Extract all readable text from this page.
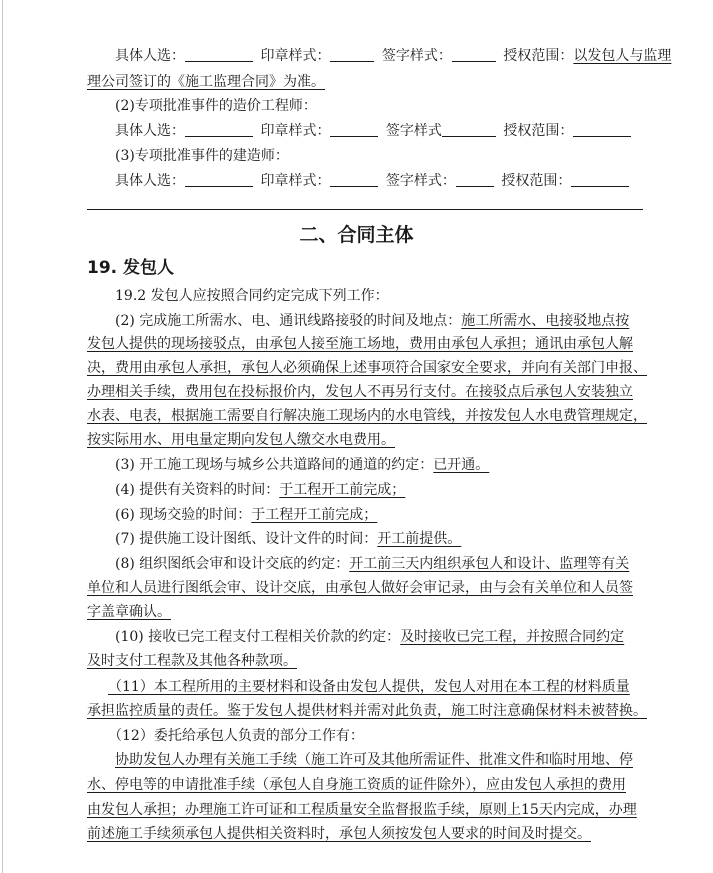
具体人选：	印章样式：	签字样式：	授权范围：以发包人与监理
理公司签订的《施工监理合同》为准。
(2)专项批准事件的造价工程师：
具体人选：	印章样式：	签字样式	授权范围：
(3)专项批准事件的建造师：
具体人选：	印章样式：	签字样式：	授权范围：
二、合同主体
19. 发包人
19.2 发包人应按照合同约定完成下列工作：
(2) 完成施工所需水、电、通讯线路接驳的时间及地点：施工所需水、电接驳地点按
发包人提供的现场接驳点，由承包人接至施工场地，费用由承包人承担；通讯由承包人解
决，费用由承包人承担，承包人必须确保上述事项符合国家安全要求，并向有关部门申报、
办理相关手续，费用包在投标报价内，发包人不再另行支付。在接驳点后承包人安装独立
水表、电表，根据施工需要自行解决施工现场内的水电管线，并按发包人水电费管理规定，
按实际用水、用电量定期向发包人缴交水电费用。
(3) 开工施工现场与城乡公共道路间的通道的约定：已开通。
(4) 提供有关资料的时间：于工程开工前完成；
(6) 现场交验的时间：于工程开工前完成；
(7) 提供施工设计图纸、设计文件的时间：开工前提供。
(8) 组织图纸会审和设计交底的约定：开工前三天内组织承包人和设计、监理等有关
单位和人员进行图纸会审、设计交底，由承包人做好会审记录，由与会有关单位和人员签
字盖章确认。
(10) 接收已完工程支付工程相关价款的约定：及时接收已完工程，并按照合同约定
及时支付工程款及其他各种款项。
（11）本工程所用的主要材料和设备由发包人提供，发包人对用在本工程的材料质量
承担监控质量的责任。鉴于发包人提供材料并需对此负责，施工时注意确保材料未被替换。
（12）委托给承包人负责的部分工作有：
协助发包人办理有关施工手续（施工许可及其他所需证件、批准文件和临时用地、停
水、停电等的申请批准手续（承包人自身施工资质的证件除外），应由发包人承担的费用
由发包人承担；办理施工许可证和工程质量安全监督报监手续，原则上15天内完成，办理
前述施工手续须承包人提供相关资料时，承包人须按发包人要求的时间及时提交。
